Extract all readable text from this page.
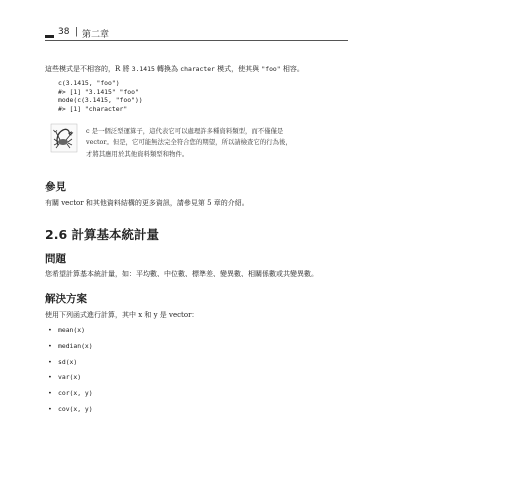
38 | 第二章
這些模式是不相容的，R 將 3.1415 轉換為 character 模式，使其與 "foo" 相容。
c(3.1415, "foo")
#> [1] "3.1415" "foo"
mode(c(3.1415, "foo"))
#> [1] "character"
c 是一個泛型運算子，這代表它可以處理許多種資料類型，而不僅僅是
vector。但是，它可能無法完全符合您的期望，所以請檢查它的行為後，
才將其應用於其他資料類型和物件。
參見
有關 vector 和其他資料結構的更多資訊，請參見第 5 章的介紹。
2.6 計算基本統計量
問題
您希望計算基本統計量，如：平均數、中位數、標準差、變異數、相關係數或共變異數。
解決方案
使用下列函式進行計算，其中 x 和 y 是 vector：
• mean(x)
• median(x)
• sd(x)
• var(x)
• cor(x, y)
• cov(x, y)
